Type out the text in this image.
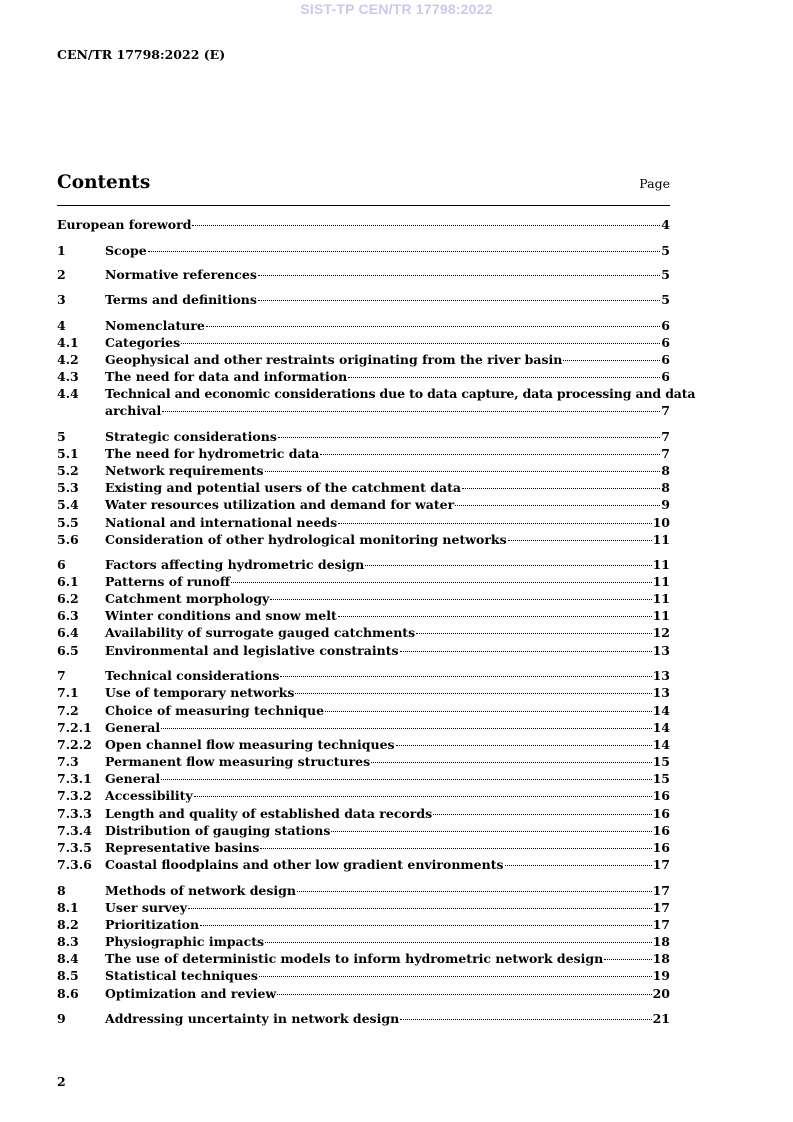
SIST-TP CEN/TR 17798:2022
CEN/TR 17798:2022 (E)
Contents	Page
European foreword	4
1	Scope	5
2	Normative references	5
3	Terms and definitions	5
4	Nomenclature	6
4.1	Categories	6
4.2	Geophysical and other restraints originating from the river basin	6
4.3	The need for data and information	6
4.4	Technical and economic considerations due to data capture, data processing and data
archival	7
5	Strategic considerations	7
5.1	The need for hydrometric data	7
5.2	Network requirements	8
5.3	Existing and potential users of the catchment data	8
5.4	Water resources utilization and demand for water	9
5.5	National and international needs	10
5.6	Consideration of other hydrological monitoring networks	11
6	Factors affecting hydrometric design	11
6.1	Patterns of runoff	11
6.2	Catchment morphology	11
6.3	Winter conditions and snow melt	11
6.4	Availability of surrogate gauged catchments	12
6.5	Environmental and legislative constraints	13
7	Technical considerations	13
7.1	Use of temporary networks	13
7.2	Choice of measuring technique	14
7.2.1	General	14
7.2.2	Open channel flow measuring techniques	14
7.3	Permanent flow measuring structures	15
7.3.1	General	15
7.3.2	Accessibility	16
7.3.3	Length and quality of established data records	16
7.3.4	Distribution of gauging stations	16
7.3.5	Representative basins	16
7.3.6	Coastal floodplains and other low gradient environments	17
8	Methods of network design	17
8.1	User survey	17
8.2	Prioritization	17
8.3	Physiographic impacts	18
8.4	The use of deterministic models to inform hydrometric network design	18
8.5	Statistical techniques	19
8.6	Optimization and review	20
9	Addressing uncertainty in network design	21
2
